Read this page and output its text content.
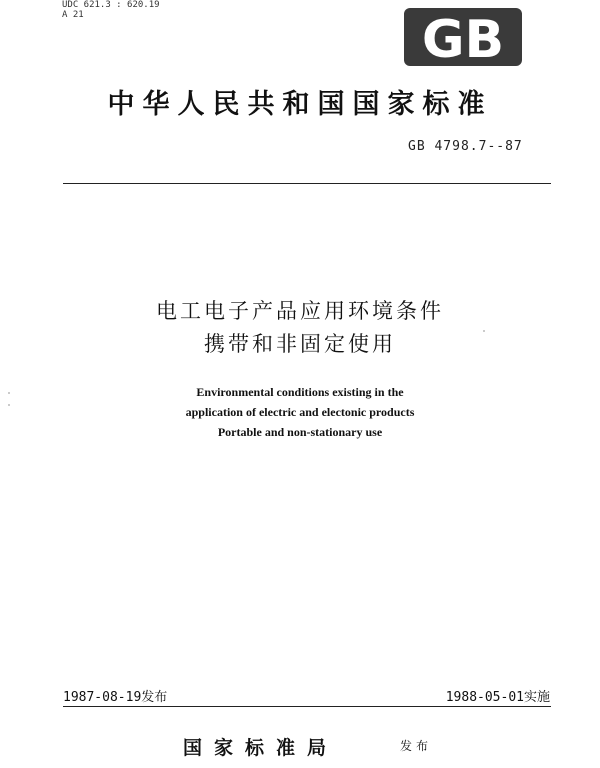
UDC 621.3 : 620.19
A 21	GB
中华人民共和国国家标准
GB 4798.7--87
电工电子产品应用环境条件
携带和非固定使用
Environmental conditions existing in the
application of electric and electonic products
Portable and non-stationary use
1987-08-19发布	1988-05-01实施
国家标准局	发布
